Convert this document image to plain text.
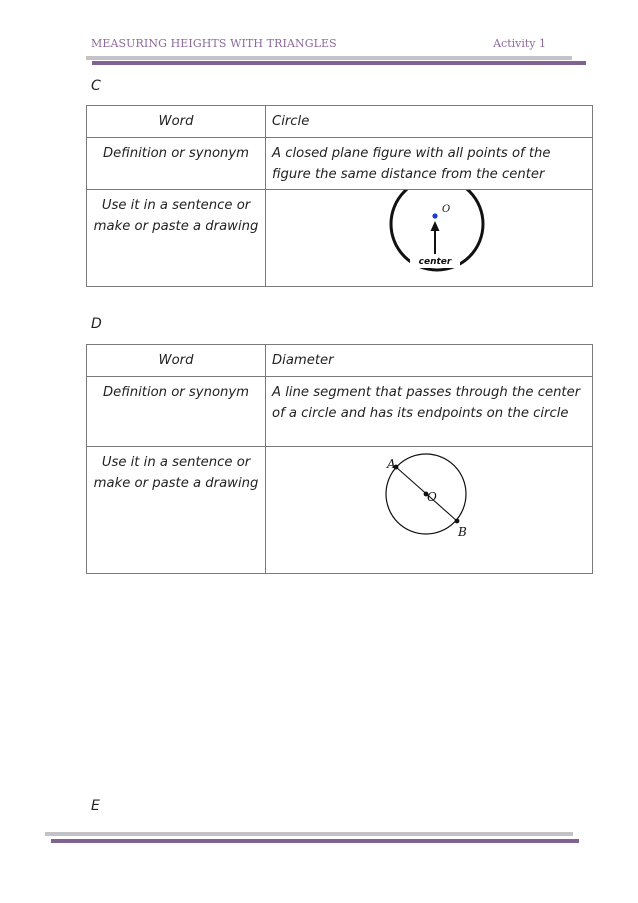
MEASURING HEIGHTS WITH TRIANGLES	Activity 1
C
Word	Circle
Definition or synonym	A closed plane figure with all points of the figure the same distance from the center
Use it in a sentence or make or paste a drawing	O
center
D
Word	Diameter
Definition or synonym	A line segment that passes through the center of a circle and has its endpoints on the circle
Use it in a sentence or make or paste a drawing	A
O
B
E
